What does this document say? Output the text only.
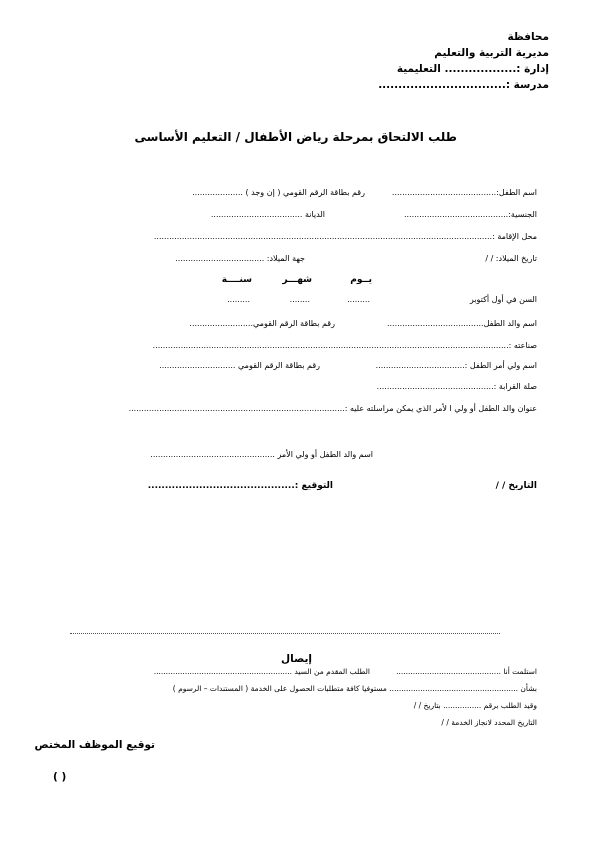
محافظة
مديرية التربية والتعليم
إدارة :.................. التعليمية
مدرسة :................................
طلب الالتحاق بمرحلة رياض الأطفال / التعليم الأساسى
اسم الطفل:.........................................
رقم بطاقة الرقم القومي ( إن وجد ) ....................
الجنسية:.........................................
الديانة ....................................
محل الإقامة :.....................................................................................................................................
تاريخ الميلاد: / /
جهة الميلاد: ...................................
يــوم
شهـــر
سنــــة
السن في أول أكتوبر
.........
........
.........
اسم والد الطفل......................................
رقم بطاقة الرقم القومي.........................
صناعته :............................................................................................................................................
اسم ولي أمر الطفل :...................................
رقم بطاقة الرقم القومي ..............................
صلة القرابة :..............................................
عنوان والد الطفل أو ولي ا لأمر الذي يمكن مراسلته عليه :.....................................................................................
اسم والد الطفل أو ولي الأمر .................................................
التاريخ / /
التوقيع :...........................................
إيصال
استلمت أنا ............................................
الطلب المقدم من السيد ..........................................................
بشأن ...................................................... مستوفيا كافة متطلبات الحصول على الخدمة ( المستندات – الرسوم )
وقيد الطلب برقم ................ بتاريخ / /
التاريخ المحدد لانجاز الخدمة / /
توقيع الموظف المختص
( )
